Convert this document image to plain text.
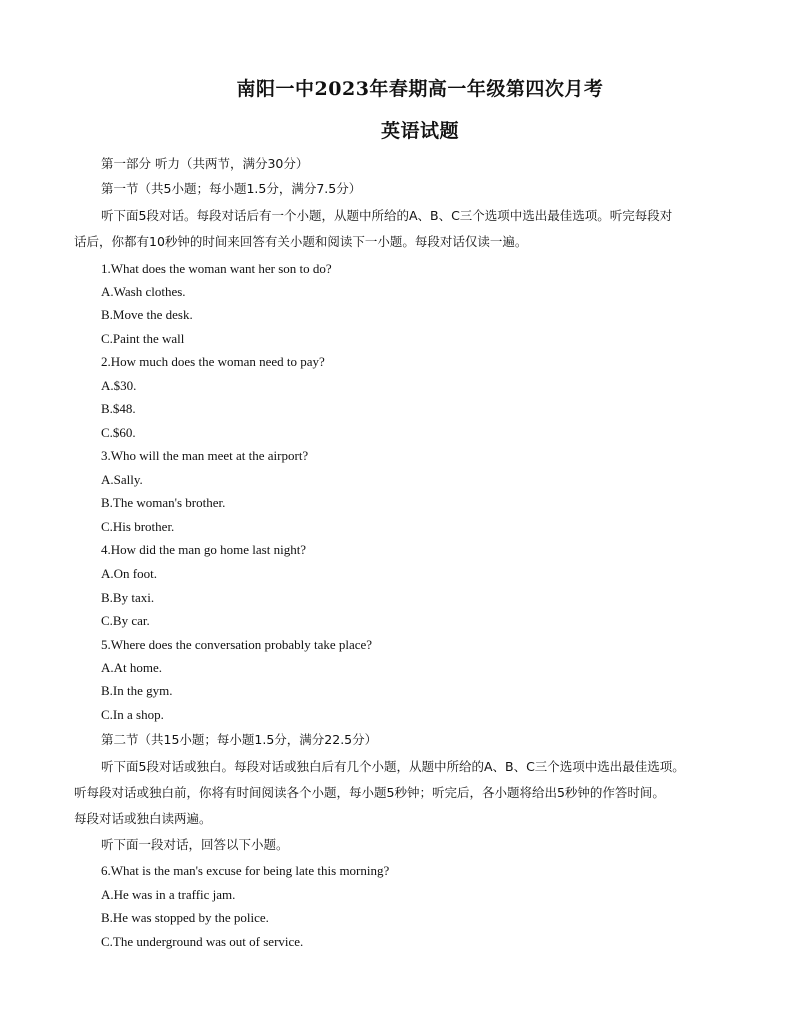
南阳一中2023年春期高一年级第四次月考
英语试题
第一部分 听力（共两节，满分30分）
第一节（共5小题；每小题1.5分，满分7.5分）
听下面5段对话。每段对话后有一个小题，从题中所给的A、B、C三个选项中选出最佳选项。听完每段对
话后，你都有10秒钟的时间来回答有关小题和阅读下一小题。每段对话仅读一遍。
1.What does the woman want her son to do?
A.Wash clothes.
B.Move the desk.
C.Paint the wall
2.How much does the woman need to pay?
A.$30.
B.$48.
C.$60.
3.Who will the man meet at the airport?
A.Sally.
B.The woman's brother.
C.His brother.
4.How did the man go home last night?
A.On foot.
B.By taxi.
C.By car.
5.Where does the conversation probably take place?
A.At home.
B.In the gym.
C.In a shop.
第二节（共15小题；每小题1.5分，满分22.5分）
听下面5段对话或独白。每段对话或独白后有几个小题，从题中所给的A、B、C三个选项中选出最佳选项。
听每段对话或独白前，你将有时间阅读各个小题，每小题5秒钟；听完后，各小题将给出5秒钟的作答时间。
每段对话或独白读两遍。
听下面一段对话，回答以下小题。
6.What is the man's excuse for being late this morning?
A.He was in a traffic jam.
B.He was stopped by the police.
C.The underground was out of service.
